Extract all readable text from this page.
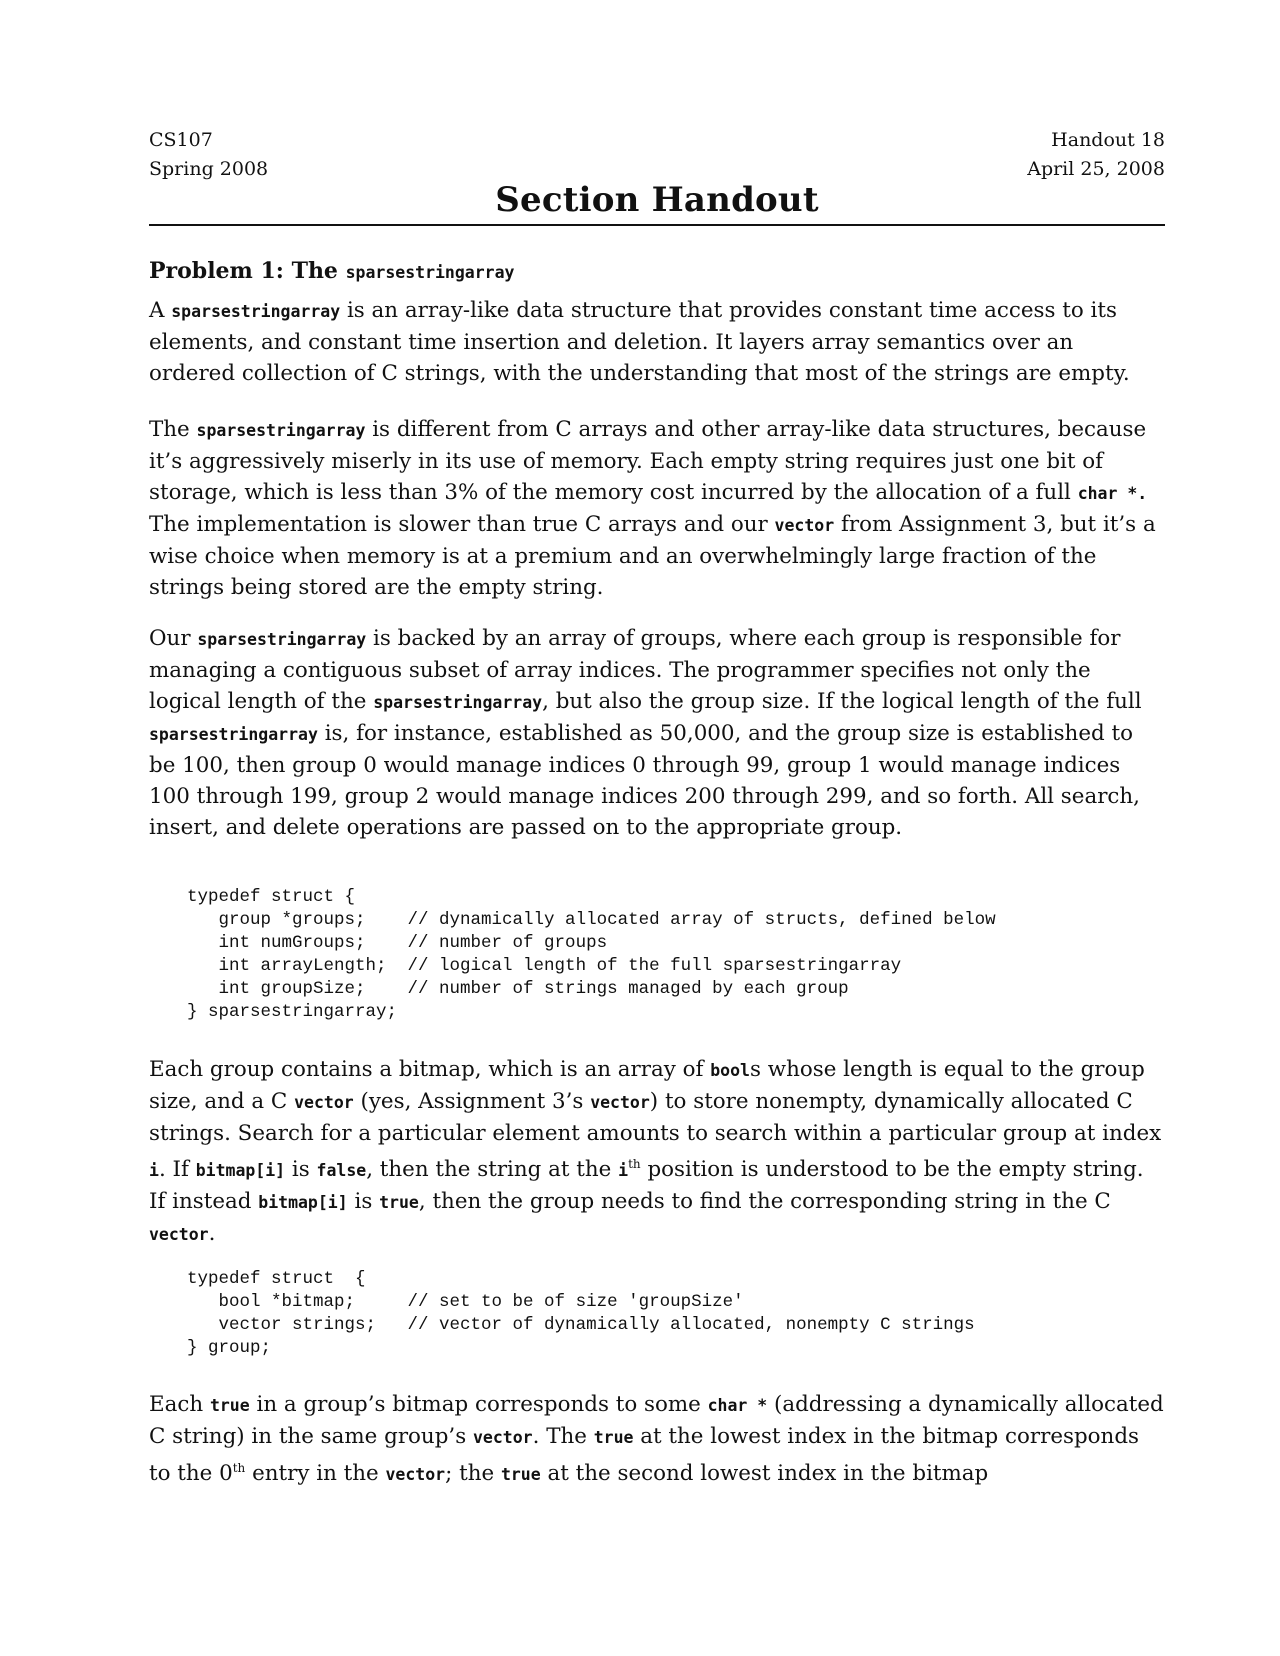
CS107	Handout 18
Spring 2008	April 25, 2008
Section Handout
Problem 1: The sparsestringarray

A sparsestringarray is an array-like data structure that provides constant time access to its elements, and constant time insertion and deletion. It layers array semantics over an ordered collection of C strings, with the understanding that most of the strings are empty.

The sparsestringarray is different from C arrays and other array-like data structures, because it’s aggressively miserly in its use of memory. Each empty string requires just one bit of storage, which is less than 3% of the memory cost incurred by the allocation of a full char *. The implementation is slower than true C arrays and our vector from Assignment 3, but it’s a wise choice when memory is at a premium and an overwhelmingly large fraction of the strings being stored are the empty string.

Our sparsestringarray is backed by an array of groups, where each group is responsible for managing a contiguous subset of array indices. The programmer specifies not only the logical length of the sparsestringarray, but also the group size. If the logical length of the full sparsestringarray is, for instance, established as 50,000, and the group size is established to be 100, then group 0 would manage indices 0 through 99, group 1 would manage indices 100 through 199, group 2 would manage indices 200 through 299, and so forth. All search, insert, and delete operations are passed on to the appropriate group.

typedef struct {
group *groups;    // dynamically allocated array of structs, defined below
int numGroups;    // number of groups
int arrayLength;  // logical length of the full sparsestringarray
int groupSize;    // number of strings managed by each group
} sparsestringarray;

Each group contains a bitmap, which is an array of bools whose length is equal to the group size, and a C vector (yes, Assignment 3’s vector) to store nonempty, dynamically allocated C strings. Search for a particular element amounts to search within a particular group at index i. If bitmap[i] is false, then the string at the $i^{th}$ position is understood to be the empty string. If instead bitmap[i] is true, then the group needs to find the corresponding string in the C vector.

typedef struct  {
bool *bitmap;     // set to be of size 'groupSize'
vector strings;   // vector of dynamically allocated, nonempty C strings
} group;

Each true in a group’s bitmap corresponds to some char * (addressing a dynamically allocated C string) in the same group’s vector. The true at the lowest index in the bitmap corresponds to the 0th entry in the vector; the true at the second lowest index in the bitmap
